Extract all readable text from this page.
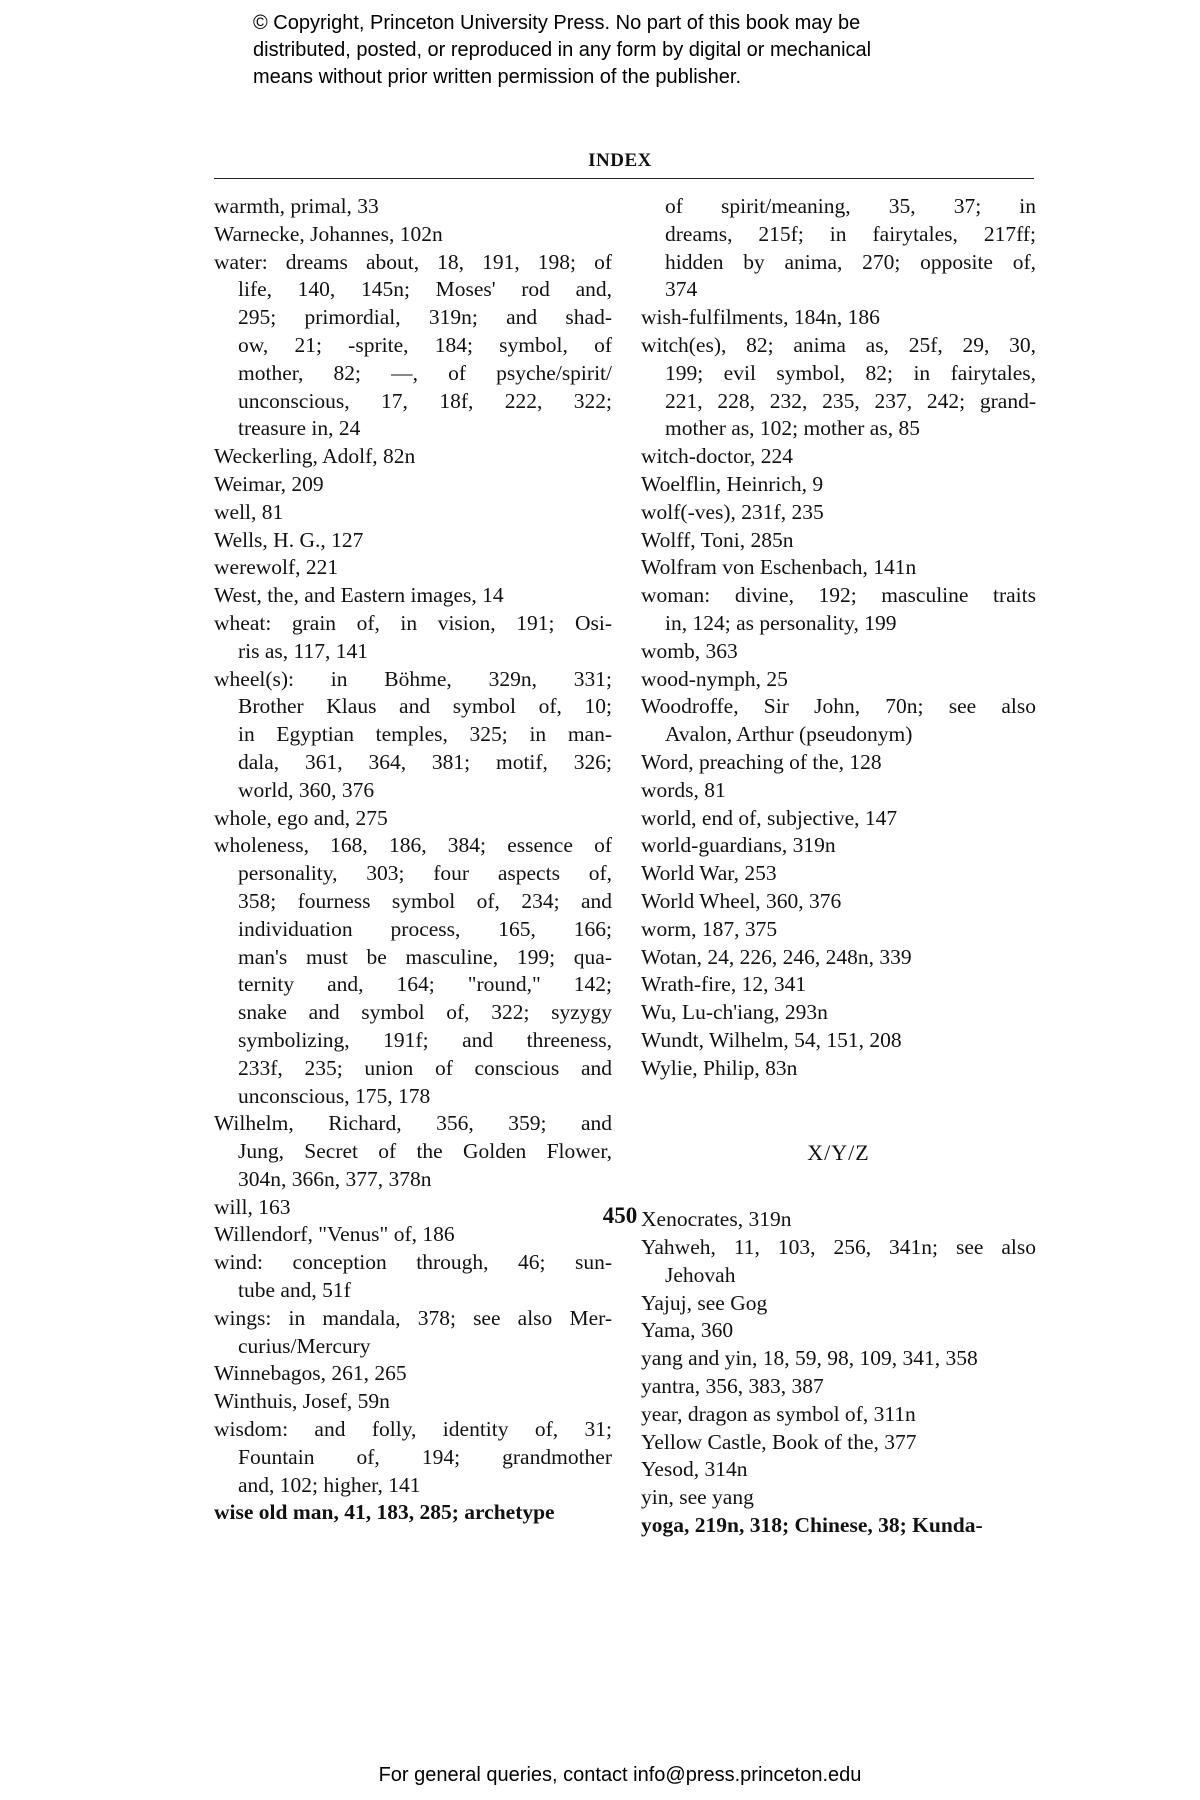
© Copyright, Princeton University Press. No part of this book may be
distributed, posted, or reproduced in any form by digital or mechanical
means without prior written permission of the publisher.
INDEX
warmth, primal, 33
Warnecke, Johannes, 102n
water: dreams about, 18, 191, 198; of
life, 140, 145n; Moses' rod and,
295; primordial, 319n; and shad-
ow, 21; -sprite, 184; symbol, of
mother, 82; —, of psyche/spirit/
unconscious, 17, 18f, 222, 322;
treasure in, 24
Weckerling, Adolf, 82n
Weimar, 209
well, 81
Wells, H. G., 127
werewolf, 221
West, the, and Eastern images, 14
wheat: grain of, in vision, 191; Osi-
ris as, 117, 141
wheel(s): in Böhme, 329n, 331;
Brother Klaus and symbol of, 10;
in Egyptian temples, 325; in man-
dala, 361, 364, 381; motif, 326;
world, 360, 376
whole, ego and, 275
wholeness, 168, 186, 384; essence of
personality, 303; four aspects of,
358; fourness symbol of, 234; and
individuation process, 165, 166;
man's must be masculine, 199; qua-
ternity and, 164; "round," 142;
snake and symbol of, 322; syzygy
symbolizing, 191f; and threeness,
233f, 235; union of conscious and
unconscious, 175, 178
Wilhelm, Richard, 356, 359; and
Jung, Secret of the Golden Flower,
304n, 366n, 377, 378n
will, 163
Willendorf, "Venus" of, 186
wind: conception through, 46; sun-
tube and, 51f
wings: in mandala, 378; see also Mer-
curius/Mercury
Winnebagos, 261, 265
Winthuis, Josef, 59n
wisdom: and folly, identity of, 31;
Fountain of, 194; grandmother
and, 102; higher, 141
wise old man, 41, 183, 285; archetype
of spirit/meaning, 35, 37; in
dreams, 215f; in fairytales, 217ff;
hidden by anima, 270; opposite of,
374
wish-fulfilments, 184n, 186
witch(es), 82; anima as, 25f, 29, 30,
199; evil symbol, 82; in fairytales,
221, 228, 232, 235, 237, 242; grand-
mother as, 102; mother as, 85
witch-doctor, 224
Woelflin, Heinrich, 9
wolf(-ves), 231f, 235
Wolff, Toni, 285n
Wolfram von Eschenbach, 141n
woman: divine, 192; masculine traits
in, 124; as personality, 199
womb, 363
wood-nymph, 25
Woodroffe, Sir John, 70n; see also
Avalon, Arthur (pseudonym)
Word, preaching of the, 128
words, 81
world, end of, subjective, 147
world-guardians, 319n
World War, 253
World Wheel, 360, 376
worm, 187, 375
Wotan, 24, 226, 246, 248n, 339
Wrath-fire, 12, 341
Wu, Lu-ch'iang, 293n
Wundt, Wilhelm, 54, 151, 208
Wylie, Philip, 83n
X/Y/Z
Xenocrates, 319n
Yahweh, 11, 103, 256, 341n; see also
Jehovah
Yajuj, see Gog
Yama, 360
yang and yin, 18, 59, 98, 109, 341, 358
yantra, 356, 383, 387
year, dragon as symbol of, 311n
Yellow Castle, Book of the, 377
Yesod, 314n
yin, see yang
yoga, 219n, 318; Chinese, 38; Kunda-
450
For general queries, contact info@press.princeton.edu
